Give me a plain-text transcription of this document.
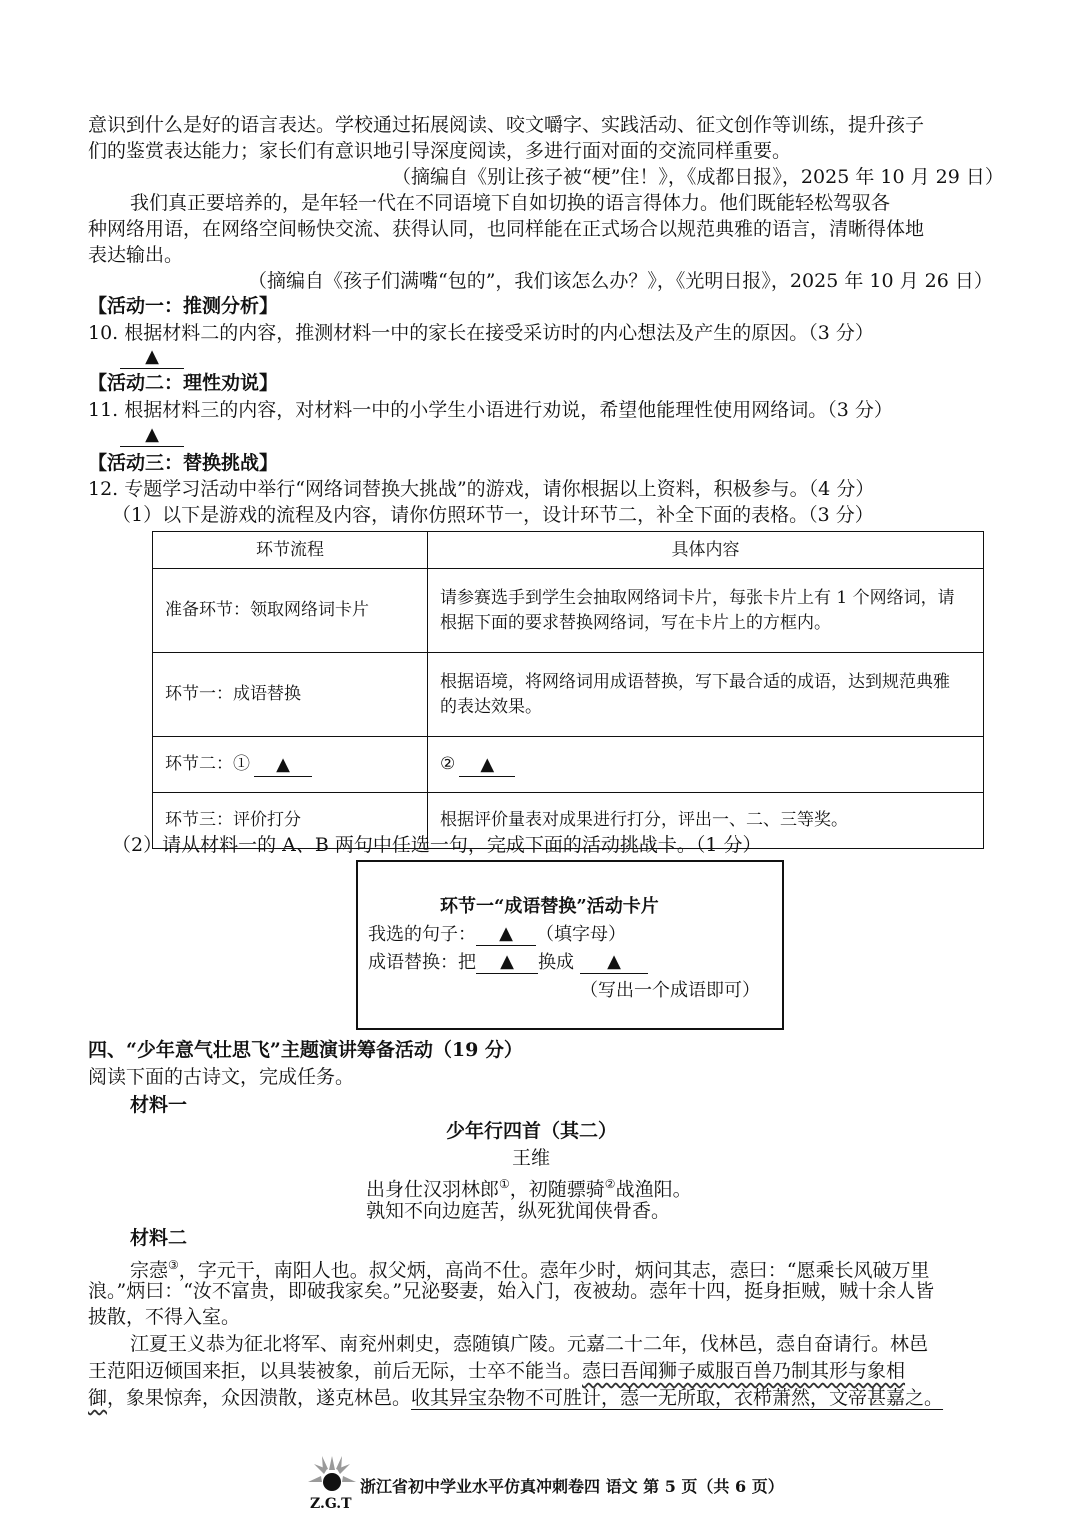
意识到什么是好的语言表达。学校通过拓展阅读、咬文嚼字、实践活动、征文创作等训练，提升孩子
们的鉴赏表达能力；家长们有意识地引导深度阅读，多进行面对面的交流同样重要。
（摘编自《别让孩子被“梗”住！》，《成都日报》，2025 年 10 月 29 日）
我们真正要培养的，是年轻一代在不同语境下自如切换的语言得体力。他们既能轻松驾驭各
种网络用语，在网络空间畅快交流、获得认同，也同样能在正式场合以规范典雅的语言，清晰得体地
表达输出。
（摘编自《孩子们满嘴“包的”，我们该怎么办？》，《光明日报》，2025 年 10 月 26 日）
【活动一：推测分析】
10. 根据材料二的内容，推测材料一中的家长在接受采访时的内心想法及产生的原因。（3 分）
▲
【活动二：理性劝说】
11. 根据材料三的内容，对材料一中的小学生小语进行劝说，希望他能理性使用网络词。（3 分）
▲
【活动三：替换挑战】
12. 专题学习活动中举行“网络词替换大挑战”的游戏，请你根据以上资料，积极参与。（4 分）
（1）以下是游戏的流程及内容，请你仿照环节一，设计环节二，补全下面的表格。（3 分）
环节流程	具体内容
准备环节：领取网络词卡片	请参赛选手到学生会抽取网络词卡片，每张卡片上有 1 个网络词，请
根据下面的要求替换网络词，写在卡片上的方框内。

环节一：成语替换	根据语境，将网络词用成语替换，写下最合适的成语，达到规范典雅
的表达效果。

环节二：① ▲	② ▲
环节三：评价打分	根据评价量表对成果进行打分，评出一、二、三等奖。
（2）请从材料一的 A、B 两句中任选一句，完成下面的活动挑战卡。（1 分）
环节一“成语替换”活动卡片
我选的句子： ▲ （填字母）
成语替换：把 ▲ 换成 ▲
（写出一个成语即可）
四、“少年意气壮思飞”主题演讲筹备活动（19 分）
阅读下面的古诗文，完成任务。
材料一
少年行四首（其二）
王维
出身仕汉羽林郎①，初随骠骑②战渔阳。
孰知不向边庭苦，纵死犹闻侠骨香。
材料二
宗悫③，字元干，南阳人也。叔父炳，高尚不仕。悫年少时，炳问其志，悫曰：“愿乘长风破万里
浪。”炳曰：“汝不富贵，即破我家矣。”兄泌娶妻，始入门，夜被劫。悫年十四，挺身拒贼，贼十余人皆
披散，不得入室。
江夏王义恭为征北将军、南兖州刺史，悫随镇广陵。元嘉二十二年，伐林邑，悫自奋请行。林邑
王范阳迈倾国来拒，以具装被象，前后无际，士卒不能当。悫曰吾闻狮子威服百兽乃制其形与象相
御，象果惊奔，众因溃散，遂克林邑。收其异宝杂物不可胜计，悫一无所取，衣栉萧然，文帝甚嘉之。
Z.G.T
浙江省初中学业水平仿真冲刺卷四 语文 第 5 页（共 6 页）
